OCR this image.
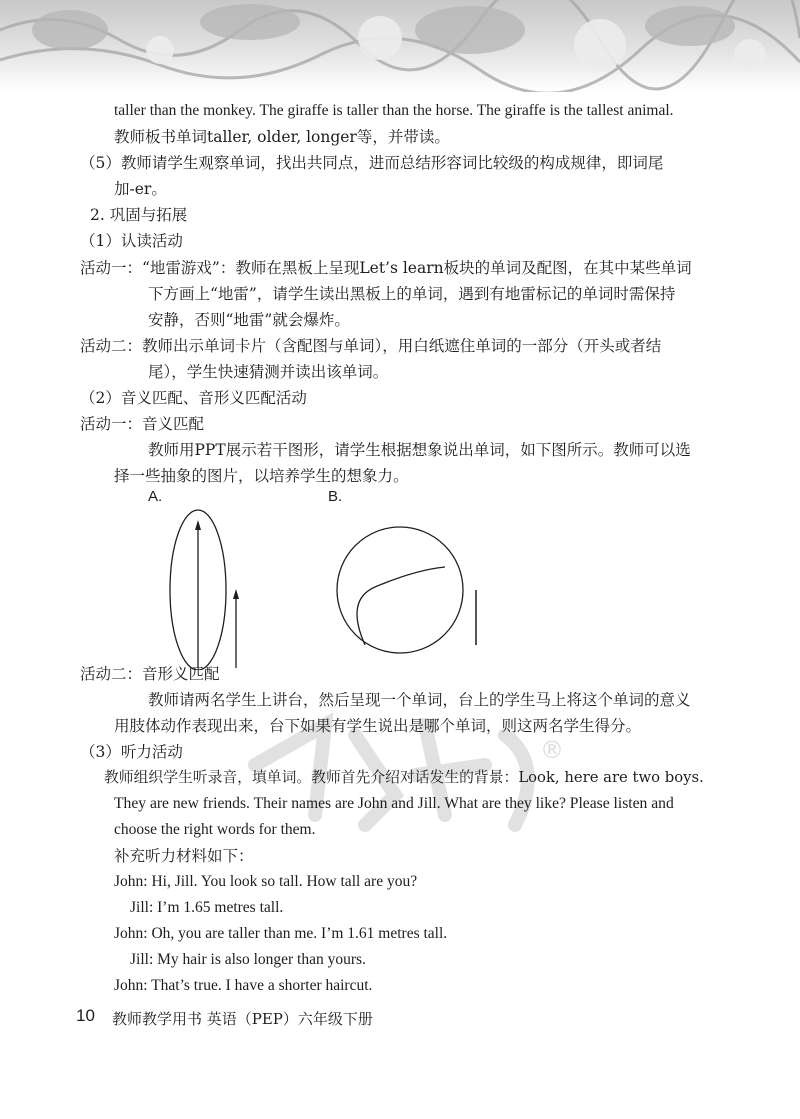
®
taller than the monkey. The giraffe is taller than the horse. The giraffe is the tallest animal.
教师板书单词taller, older, longer等，并带读。
（5）教师请学生观察单词，找出共同点，进而总结形容词比较级的构成规律，即词尾
加-er。
2. 巩固与拓展
（1）认读活动
活动一：“地雷游戏”：教师在黑板上呈现Let’s learn板块的单词及配图，在其中某些单词
下方画上“地雷”，请学生读出黑板上的单词，遇到有地雷标记的单词时需保持
安静，否则“地雷”就会爆炸。
活动二：教师出示单词卡片（含配图与单词），用白纸遮住单词的一部分（开头或者结
尾），学生快速猜测并读出该单词。
（2）音义匹配、音形义匹配活动
活动一：音义匹配
教师用PPT展示若干图形，请学生根据想象说出单词，如下图所示。教师可以选
择一些抽象的图片，以培养学生的想象力。
A.	B.
活动二：音形义匹配
教师请两名学生上讲台，然后呈现一个单词，台上的学生马上将这个单词的意义
用肢体动作表现出来，台下如果有学生说出是哪个单词，则这两名学生得分。
（3）听力活动
教师组织学生听录音，填单词。教师首先介绍对话发生的背景：Look, here are two boys.
They are new friends. Their names are John and Jill. What are they like? Please listen and
choose the right words for them.
补充听力材料如下：
John: Hi, Jill. You look so tall. How tall are you?
Jill: I’m 1.65 metres tall.
John: Oh, you are taller than me. I’m 1.61 metres tall.
Jill: My hair is also longer than yours.
John: That’s true. I have a shorter haircut.
10 教师教学用书 英语（PEP）六年级下册
